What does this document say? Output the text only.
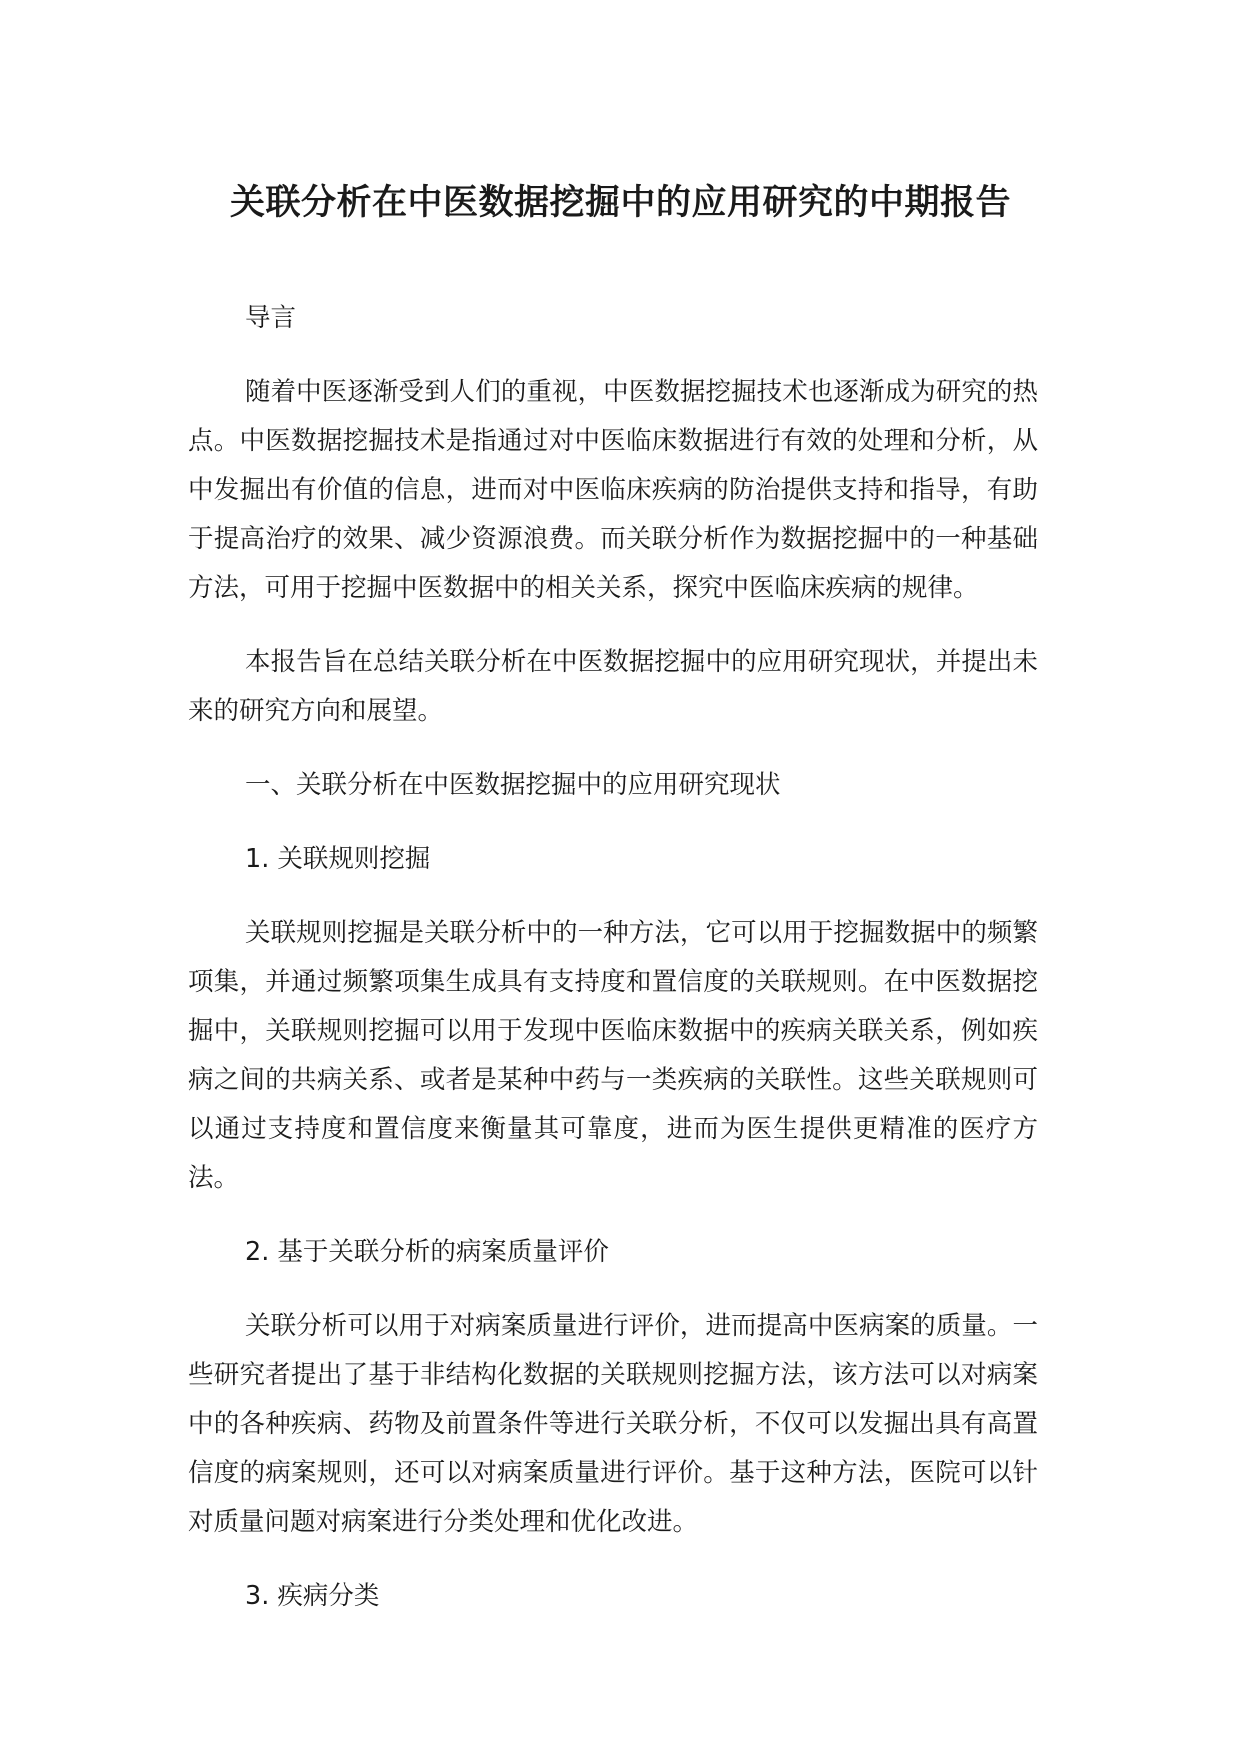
关联分析在中医数据挖掘中的应用研究的中期报告

导言

随着中医逐渐受到人们的重视，中医数据挖掘技术也逐渐成为研究的热点。中医数据挖掘技术是指通过对中医临床数据进行有效的处理和分析，从中发掘出有价值的信息，进而对中医临床疾病的防治提供支持和指导，有助于提高治疗的效果、减少资源浪费。而关联分析作为数据挖掘中的一种基础方法，可用于挖掘中医数据中的相关关系，探究中医临床疾病的规律。

本报告旨在总结关联分析在中医数据挖掘中的应用研究现状，并提出未来的研究方向和展望。

一、关联分析在中医数据挖掘中的应用研究现状

1. 关联规则挖掘

关联规则挖掘是关联分析中的一种方法，它可以用于挖掘数据中的频繁项集，并通过频繁项集生成具有支持度和置信度的关联规则。在中医数据挖掘中，关联规则挖掘可以用于发现中医临床数据中的疾病关联关系，例如疾病之间的共病关系、或者是某种中药与一类疾病的关联性。这些关联规则可以通过支持度和置信度来衡量其可靠度，进而为医生提供更精准的医疗方法。

2. 基于关联分析的病案质量评价

关联分析可以用于对病案质量进行评价，进而提高中医病案的质量。一些研究者提出了基于非结构化数据的关联规则挖掘方法，该方法可以对病案中的各种疾病、药物及前置条件等进行关联分析，不仅可以发掘出具有高置信度的病案规则，还可以对病案质量进行评价。基于这种方法，医院可以针对质量问题对病案进行分类处理和优化改进。

3. 疾病分类
